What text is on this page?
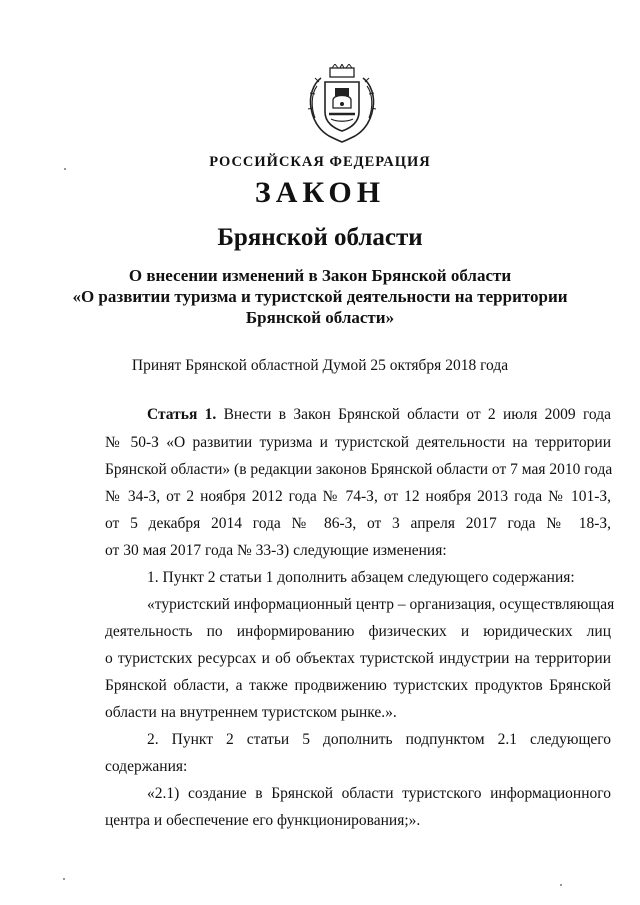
РОССИЙСКАЯ ФЕДЕРАЦИЯ
ЗАКОН
Брянской области
О внесении изменений в Закон Брянской области
«О развитии туризма и туристской деятельности на территории
Брянской области»
Принят Брянской областной Думой 25 октября 2018 года
Статья 1. Внести в Закон Брянской области от 2 июля 2009 года
№ 50-З «О развитии туризма и туристской деятельности на территории
Брянской области» (в редакции законов Брянской области от 7 мая 2010 года
№ 34-З, от 2 ноября 2012 года № 74-З, от 12 ноября 2013 года № 101-З,
от 5 декабря 2014 года № 86-З, от 3 апреля 2017 года № 18-З,
от 30 мая 2017 года № 33-З) следующие изменения:
1. Пункт 2 статьи 1 дополнить абзацем следующего содержания:
«туристский информационный центр – организация, осуществляющая
деятельность по информированию физических и юридических лиц
о туристских ресурсах и об объектах туристской индустрии на территории
Брянской области, а также продвижению туристских продуктов Брянской
области на внутреннем туристском рынке.».
2. Пункт 2 статьи 5 дополнить подпунктом 2.1 следующего
содержания:
«2.1) создание в Брянской области туристского информационного
центра и обеспечение его функционирования;».
